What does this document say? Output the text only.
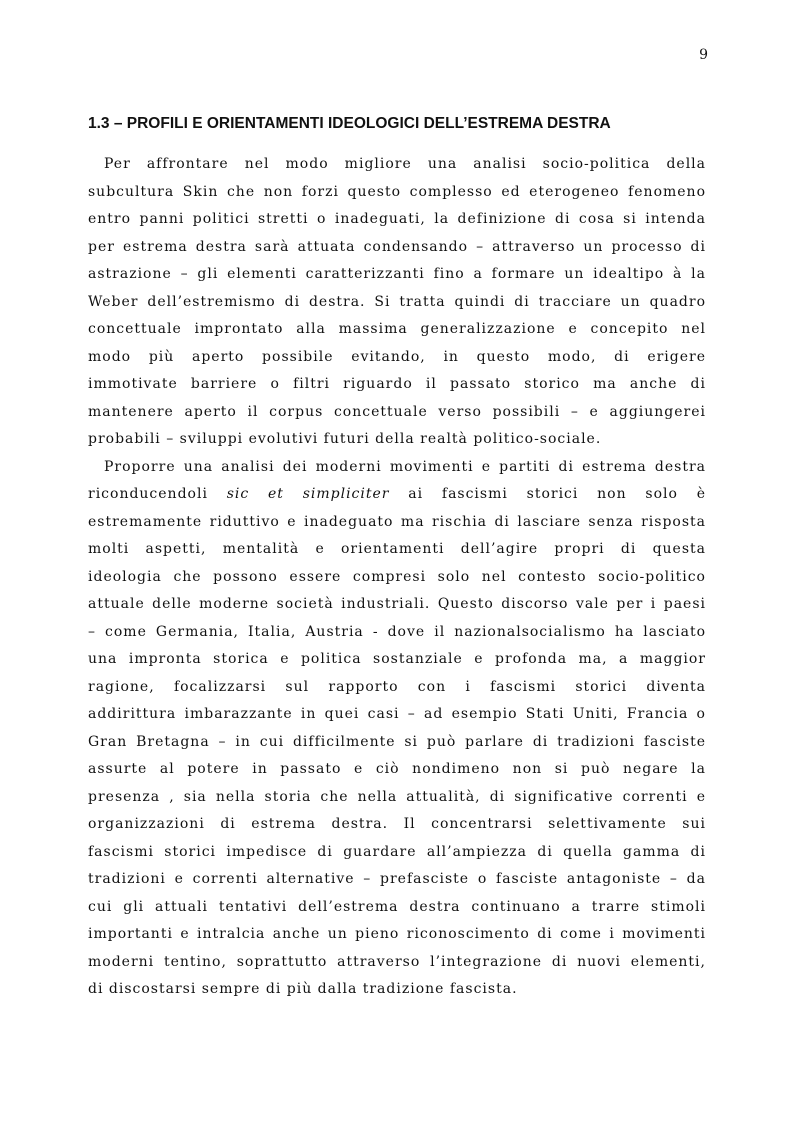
9
1.3 – PROFILI E ORIENTAMENTI IDEOLOGICI DELL’ESTREMA DESTRA
Per affrontare nel modo migliore una analisi socio-politica della
subcultura Skin che non forzi questo complesso ed eterogeneo fenomeno
entro panni politici stretti o inadeguati, la definizione di cosa si intenda
per estrema destra sarà attuata condensando – attraverso un processo di
astrazione – gli elementi caratterizzanti fino a formare un idealtipo à la
Weber dell’estremismo di destra. Si tratta quindi di tracciare un quadro
concettuale improntato alla massima generalizzazione e concepito nel
modo più aperto possibile evitando, in questo modo, di erigere
immotivate barriere o filtri riguardo il passato storico ma anche di
mantenere aperto il corpus concettuale verso possibili – e aggiungerei
probabili – sviluppi evolutivi futuri della realtà politico-sociale.
Proporre una analisi dei moderni movimenti e partiti di estrema destra
riconducendoli sic et simpliciter ai fascismi storici non solo è
estremamente riduttivo e inadeguato ma rischia di lasciare senza risposta
molti aspetti, mentalità e orientamenti dell’agire propri di questa
ideologia che possono essere compresi solo nel contesto socio-politico
attuale delle moderne società industriali. Questo discorso vale per i paesi
– come Germania, Italia, Austria - dove il nazionalsocialismo ha lasciato
una impronta storica e politica sostanziale e profonda ma, a maggior
ragione, focalizzarsi sul rapporto con i fascismi storici diventa
addirittura imbarazzante in quei casi – ad esempio Stati Uniti, Francia o
Gran Bretagna – in cui difficilmente si può parlare di tradizioni fasciste
assurte al potere in passato e ciò nondimeno non si può negare la
presenza , sia nella storia che nella attualità, di significative correnti e
organizzazioni di estrema destra. Il concentrarsi selettivamente sui
fascismi storici impedisce di guardare all’ampiezza di quella gamma di
tradizioni e correnti alternative – prefasciste o fasciste antagoniste – da
cui gli attuali tentativi dell’estrema destra continuano a trarre stimoli
importanti e intralcia anche un pieno riconoscimento di come i movimenti
moderni tentino, soprattutto attraverso l’integrazione di nuovi elementi,
di discostarsi sempre di più dalla tradizione fascista.
